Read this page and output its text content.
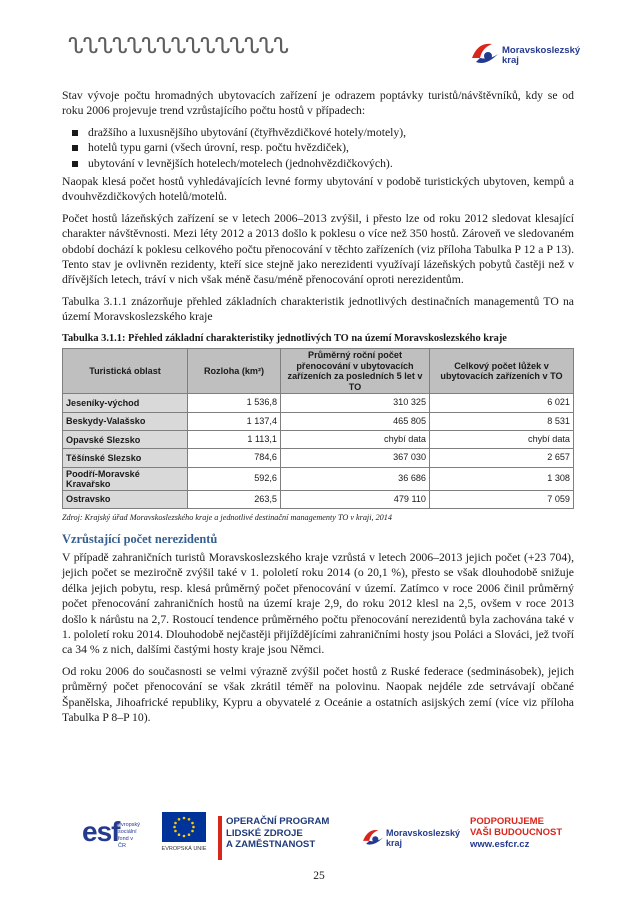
ᔐᔐᔐᔐᔐᔐᔐᔐᔐᔐᔐᔐᔐᔐᔐ	Moravskoslezský
kraj

Stav vývoje počtu hromadných ubytovacích zařízení je odrazem poptávky turistů/návštěvníků, kdy se od roku 2006 projevuje trend vzrůstajícího počtu hostů v případech:

dražšího a luxusnějšího ubytování (čtyřhvězdičkové hotely/motely),
hotelů typu garni (všech úrovní, resp. počtu hvězdiček),
ubytování v levnějších hotelech/motelech (jednohvězdičkových).

Naopak klesá počet hostů vyhledávajících levné formy ubytování v podobě turistických ubytoven, kempů a dvouhvězdičkových hotelů/motelů.

Počet hostů lázeňských zařízení se v letech 2006–2013 zvýšil, i přesto lze od roku 2012 sledovat klesající charakter návštěvnosti. Mezi léty 2012 a 2013 došlo k poklesu o více než 350 hostů. Zároveň ve sledovaném období dochází k poklesu celkového počtu přenocování v těchto zařízeních (viz příloha Tabulka P 12 a P 13). Tento stav je ovlivněn rezidenty, kteří sice stejně jako nerezidenti využívají lázeňských pobytů častěji než v dřívějších letech, tráví v nich však méně času/méně přenocování oproti nerezidentům.

Tabulka 3.1.1 znázorňuje přehled základních charakteristik jednotlivých destinačních managementů TO na území Moravskoslezského kraje

Tabulka 3.1.1: Přehled základní charakteristiky jednotlivých TO na území Moravskoslezského kraje
Turistická oblast	Rozloha (km²)	Průměrný roční počet přenocování v ubytovacích zařízeních za posledních 5 let v TO	Celkový počet lůžek v ubytovacích zařízeních v TO
Jeseníky-východ	1 536,8	310 325	6 021
Beskydy-Valašsko	1 137,4	465 805	8 531
Opavské Slezsko	1 113,1	chybí data	chybí data
Těšínské Slezsko	784,6	367 030	2 657
Poodří-Moravské Kravařsko	592,6	36 686	1 308
Ostravsko	263,5	479 110	7 059
Zdroj: Krajský úřad Moravskoslezského kraje a jednotlivé destinační managementy TO v kraji, 2014
Vzrůstající počet nerezidentů

V případě zahraničních turistů Moravskoslezského kraje vzrůstá v letech 2006–2013 jejich počet (+23 704), jejich počet se meziročně zvýšil také v 1. pololetí roku 2014 (o 20,1 %), přesto se však dlouhodobě snižuje délka jejich pobytu, resp. klesá průměrný počet přenocování v území. Zatímco v roce 2006 činil průměrný počet přenocování zahraničních hostů na území kraje 2,9, do roku 2012 klesl na 2,5, ovšem v roce 2013 došlo k nárůstu na 2,7. Rostoucí tendence průměrného počtu přenocování nerezidentů byla zachována také v 1. pololetí roku 2014. Dlouhodobě nejčastěji přijíždějícími zahraničními hosty jsou Poláci a Slováci, jež tvoří ca 34 % z nich, dalšími častými hosty kraje jsou Němci.

Od roku 2006 do současnosti se velmi výrazně zvýšil počet hostů z Ruské federace (sedminásobek), jejich průměrný počet přenocování se však zkrátil téměř na polovinu. Naopak nejdéle zde setrvávají občané Španělska, Jihoafrické republiky, Kypru a obyvatelé z Oceánie a ostatních asijských zemí (více viz příloha Tabulka P 8–P 10).

esf
evropský
sociální
fond v ČR	EVROPSKÁ UNIE
OPERAČNÍ PROGRAM
LIDSKÉ ZDROJE
A ZAMĚSTNANOST
Moravskoslezský
kraj
PODPORUJEME
VAŠI BUDOUCNOST
www.esfcr.cz
25
